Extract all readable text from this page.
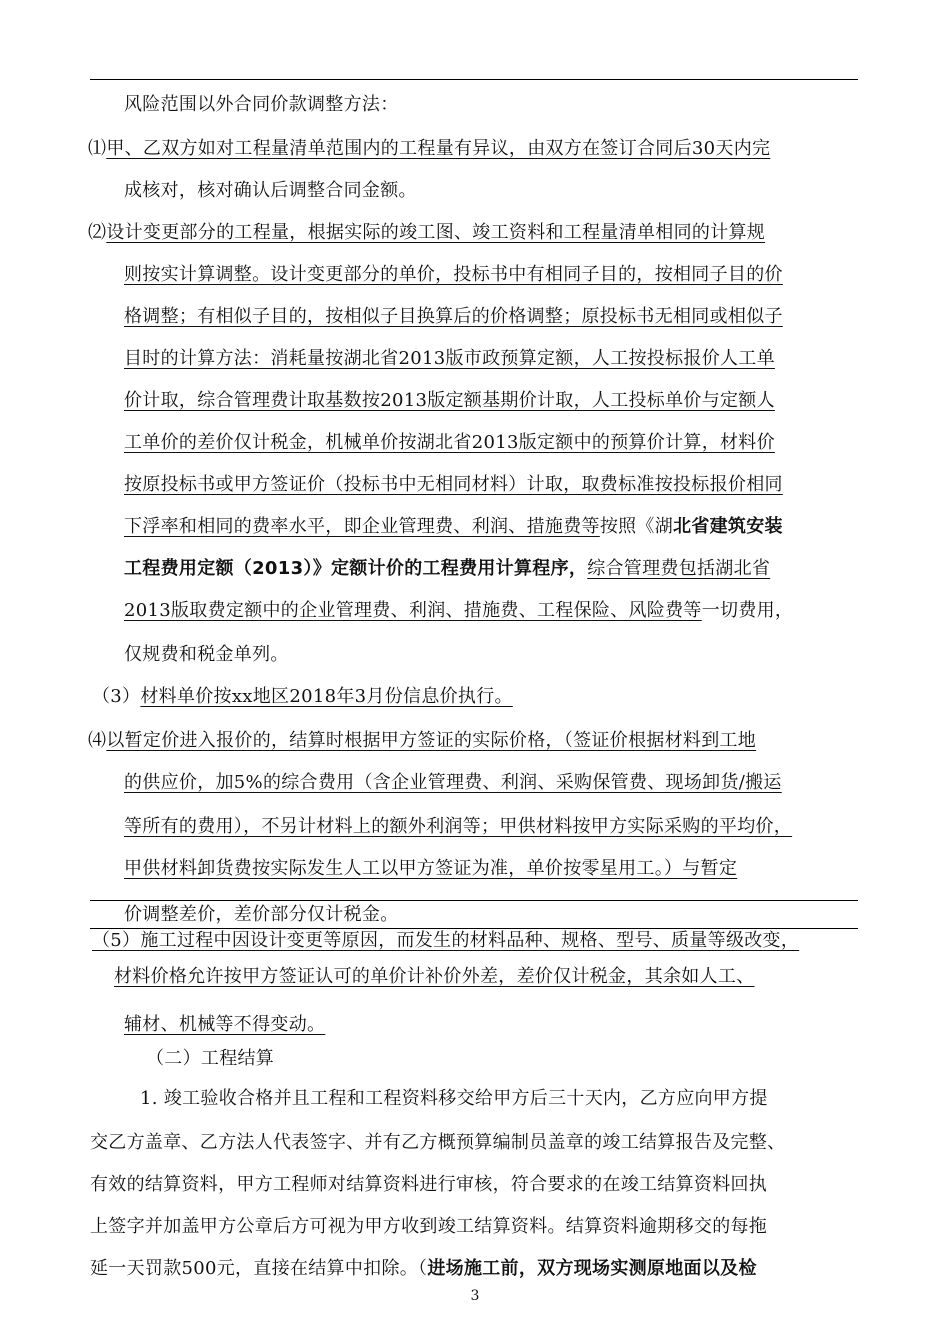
风险范围以外合同价款调整方法：
⑴甲、乙双方如对工程量清单范围内的工程量有异议，由双方在签订合同后30天内完
成核对，核对确认后调整合同金额。
⑵设计变更部分的工程量，根据实际的竣工图、竣工资料和工程量清单相同的计算规
则按实计算调整。设计变更部分的单价，投标书中有相同子目的，按相同子目的价
格调整；有相似子目的，按相似子目换算后的价格调整；原投标书无相同或相似子
目时的计算方法：消耗量按湖北省2013版市政预算定额，人工按投标报价人工单
价计取，综合管理费计取基数按2013版定额基期价计取，人工投标单价与定额人
工单价的差价仅计税金，机械单价按湖北省2013版定额中的预算价计算，材料价
按原投标书或甲方签证价（投标书中无相同材料）计取，取费标准按投标报价相同
下浮率和相同的费率水平，即企业管理费、利润、措施费等按照《湖北省建筑安装
工程费用定额（2013）》定额计价的工程费用计算程序，综合管理费包括湖北省
2013版取费定额中的企业管理费、利润、措施费、工程保险、风险费等一切费用，
仅规费和税金单列。
（3）材料单价按xx地区2018年3月份信息价执行。
⑷以暂定价进入报价的，结算时根据甲方签证的实际价格，（签证价根据材料到工地
的供应价，加5%的综合费用（含企业管理费、利润、采购保管费、现场卸货/搬运
等所有的费用），不另计材料上的额外利润等；甲供材料按甲方实际采购的平均价，
甲供材料卸货费按实际发生人工以甲方签证为准，单价按零星用工。）与暂定
价调整差价，差价部分仅计税金。
（5）施工过程中因设计变更等原因，而发生的材料品种、规格、型号、质量等级改变，
材料价格允许按甲方签证认可的单价计补价外差，差价仅计税金，其余如人工、
辅材、机械等不得变动。
（二）工程结算
1. 竣工验收合格并且工程和工程资料移交给甲方后三十天内，乙方应向甲方提
交乙方盖章、乙方法人代表签字、并有乙方概预算编制员盖章的竣工结算报告及完整、
有效的结算资料，甲方工程师对结算资料进行审核，符合要求的在竣工结算资料回执
上签字并加盖甲方公章后方可视为甲方收到竣工结算资料。结算资料逾期移交的每拖
延一天罚款500元，直接在结算中扣除。（进场施工前，双方现场实测原地面以及检
3
